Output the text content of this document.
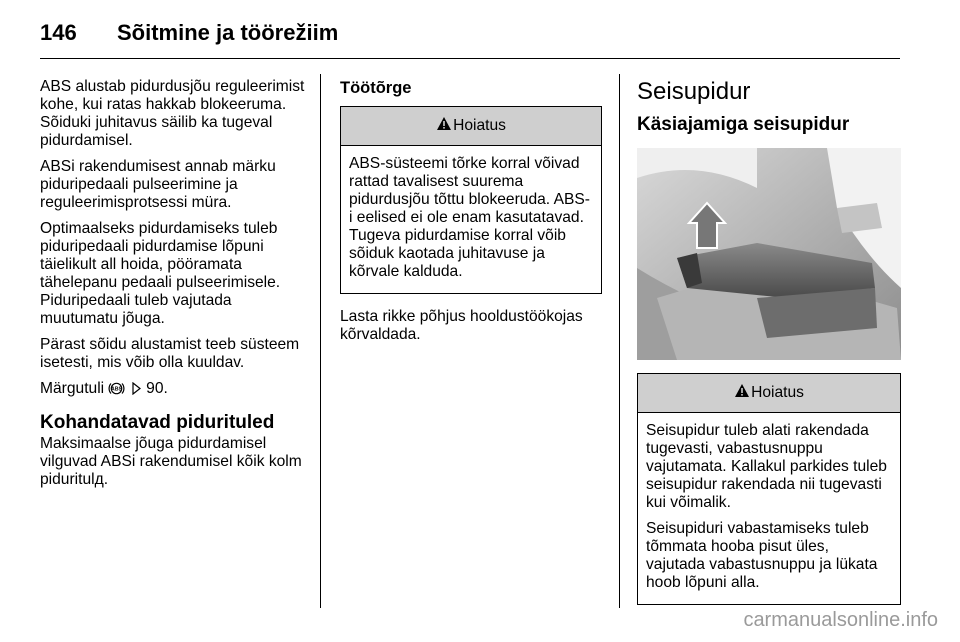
146 Sõitmine ja töörežiim

ABS alustab pidurdusjõu reguleerimist kohe, kui ratas hakkab blokeeruma. Sõiduki juhitavus säilib ka tugeval pidurdamisel.

ABSi rakendumisest annab märku piduripedaali pulseerimine ja reguleerimisprotsessi müra.

Optimaalseks pidurdamiseks tuleb piduripedaali pidurdamise lõpuni täielikult all hoida, pööramata tähelepanu pedaali pulseerimisele. Piduripedaali tuleb vajutada muutumatu jõuga.

Pärast sõidu alustamist teeb süsteem isetesti, mis võib olla kuuldav.

Märgutuli ABS 90.

Kohandatavad pidurituled

Maksimaalse jõuga pidurdamisel vilguvad ABSi rakendumisel kõik kolm piduritulд.

Töötõrge
Hoiatus

ABS-süsteemi tõrke korral võivad rattad tavalisest suurema pidurdusjõu tõttu blokeeruda. ABS-i eelised ei ole enam kasutatavad. Tugeva pidurdamise korral võib sõiduk kaotada juhitavuse ja kõrvale kalduda.

Lasta rikke põhjus hooldustöökojas kõrvaldada.

Seisupidur
Käsiajamiga seisupidur
Hoiatus

Seisupidur tuleb alati rakendada tugevasti, vabastusnuppu vajutamata. Kallakul parkides tuleb seisupidur rakendada nii tugevasti kui võimalik.

Seisupiduri vabastamiseks tuleb tõmmata hooba pisut üles, vajutada vabastusnuppu ja lükata hoob lõpuni alla.

carmanualsonline.info
